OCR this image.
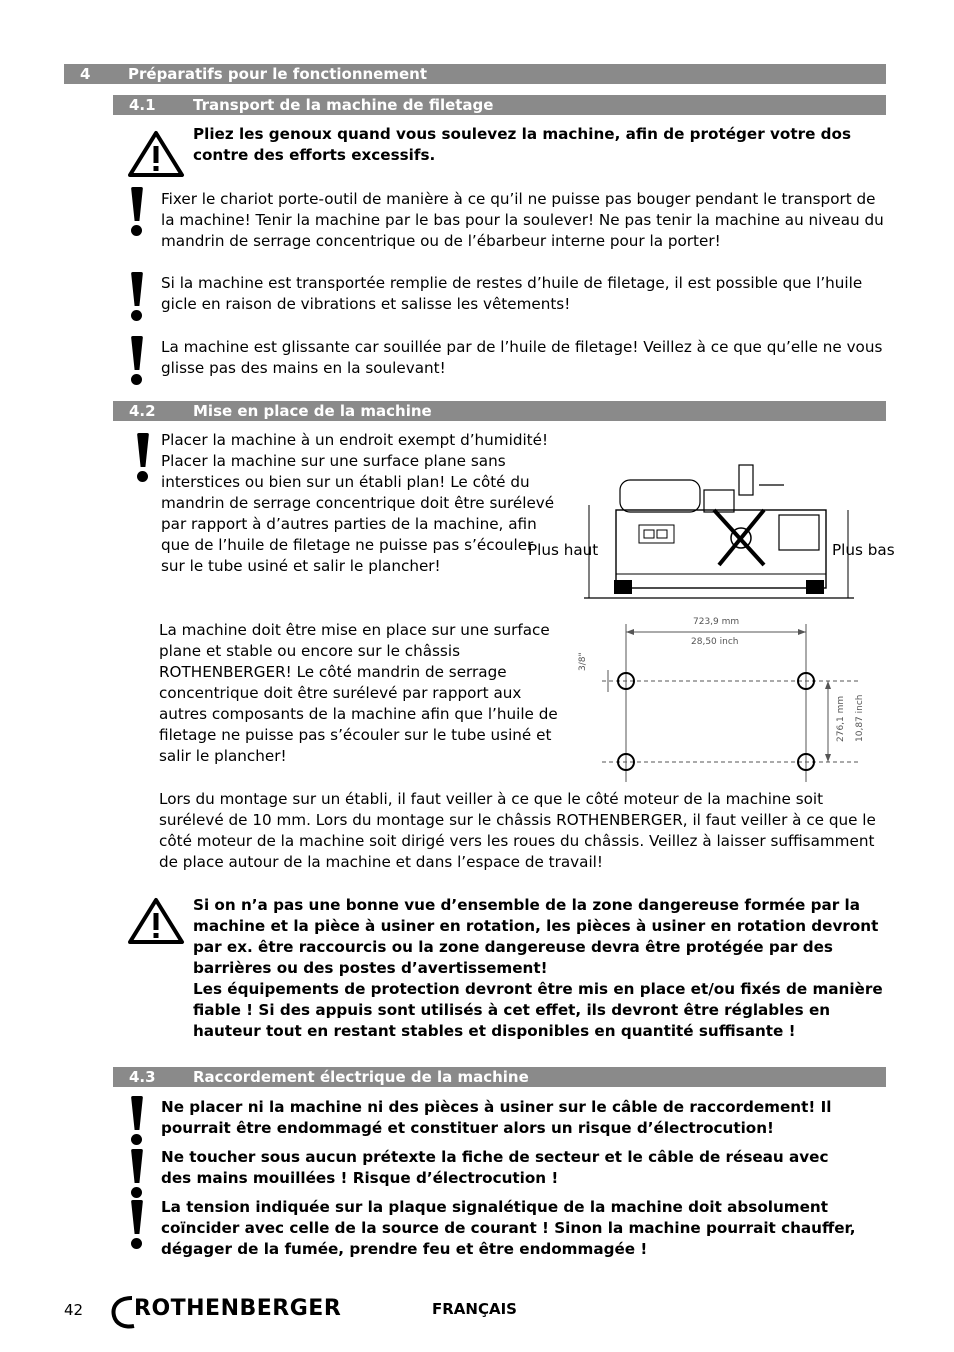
4	Préparatifs pour le fonctionnement
4.1 Transport de la machine de filetage

Pliez les genoux quand vous soulevez la machine, afin de protéger votre dos contre des efforts excessifs.

Fixer le chariot porte-outil de manière à ce qu’il ne puisse pas bouger pendant le transport de la machine! Tenir la machine par le bas pour la soulever! Ne pas tenir la machine au niveau du mandrin de serrage concentrique ou de l’ébarbeur interne pour la porter!

Si la machine est transportée remplie de restes d’huile de filetage, il est possible que l’huile gicle en raison de vibrations et salisse les vêtements!

La machine est glissante car souillée par de l’huile de filetage! Veillez à ce que qu’elle ne vous glisse pas des mains en la soulevant!

4.2 Mise en place de la machine

Placer la machine à un endroit exempt d’humidité! Placer la machine sur une surface plane sans interstices ou bien sur un établi plan! Le côté du mandrin de serrage concentrique doit être surélevé par rapport à d’autres parties de la machine, afin que de l’huile de filetage ne puisse pas s’écouler sur le tube usiné et salir le plancher!

Plus haut	Plus bas

La machine doit être mise en place sur une surface plane et stable ou encore sur le châssis ROTHENBERGER! Le côté mandrin de serrage concentrique doit être surélevé par rapport aux autres composants de la machine afin que l’huile de filetage ne puisse pas s’écouler sur le tube usiné et salir le plancher!

723,9 mm
28,50 inch
3/8"
276,1 mm 10,87 inch

Lors du montage sur un établi, il faut veiller à ce que le côté moteur de la machine soit surélevé de 10 mm. Lors du montage sur le châssis ROTHENBERGER, il faut veiller à ce que le côté moteur de la machine soit dirigé vers les roues du châssis. Veillez à laisser suffisamment de place autour de la machine et dans l’espace de travail!

Si on n’a pas une bonne vue d’ensemble de la zone dangereuse formée par la machine et la pièce à usiner en rotation, les pièces à usiner en rotation devront par ex. être raccourcis ou la zone dangereuse devra être protégée par des barrières ou des postes d’avertissement!
Les équipements de protection devront être mis en place et/ou fixés de manière fiable ! Si des appuis sont utilisés à cet effet, ils devront être réglables en hauteur tout en restant stables et disponibles en quantité suffisante !

4.3 Raccordement électrique de la machine

Ne placer ni la machine ni des pièces à usiner sur le câble de raccordement! Il pourrait être endommagé et constituer alors un risque d’électrocution!

Ne toucher sous aucun prétexte la fiche de secteur et le câble de réseau avec des mains mouillées ! Risque d’électrocution !

La tension indiquée sur la plaque signalétique de la machine doit absolument coïncider avec celle de la source de courant ! Sinon la machine pourrait chauffer, dégager de la fumée, prendre feu et être endommagée !

42 ROTHENBERGER	FRANÇAIS
